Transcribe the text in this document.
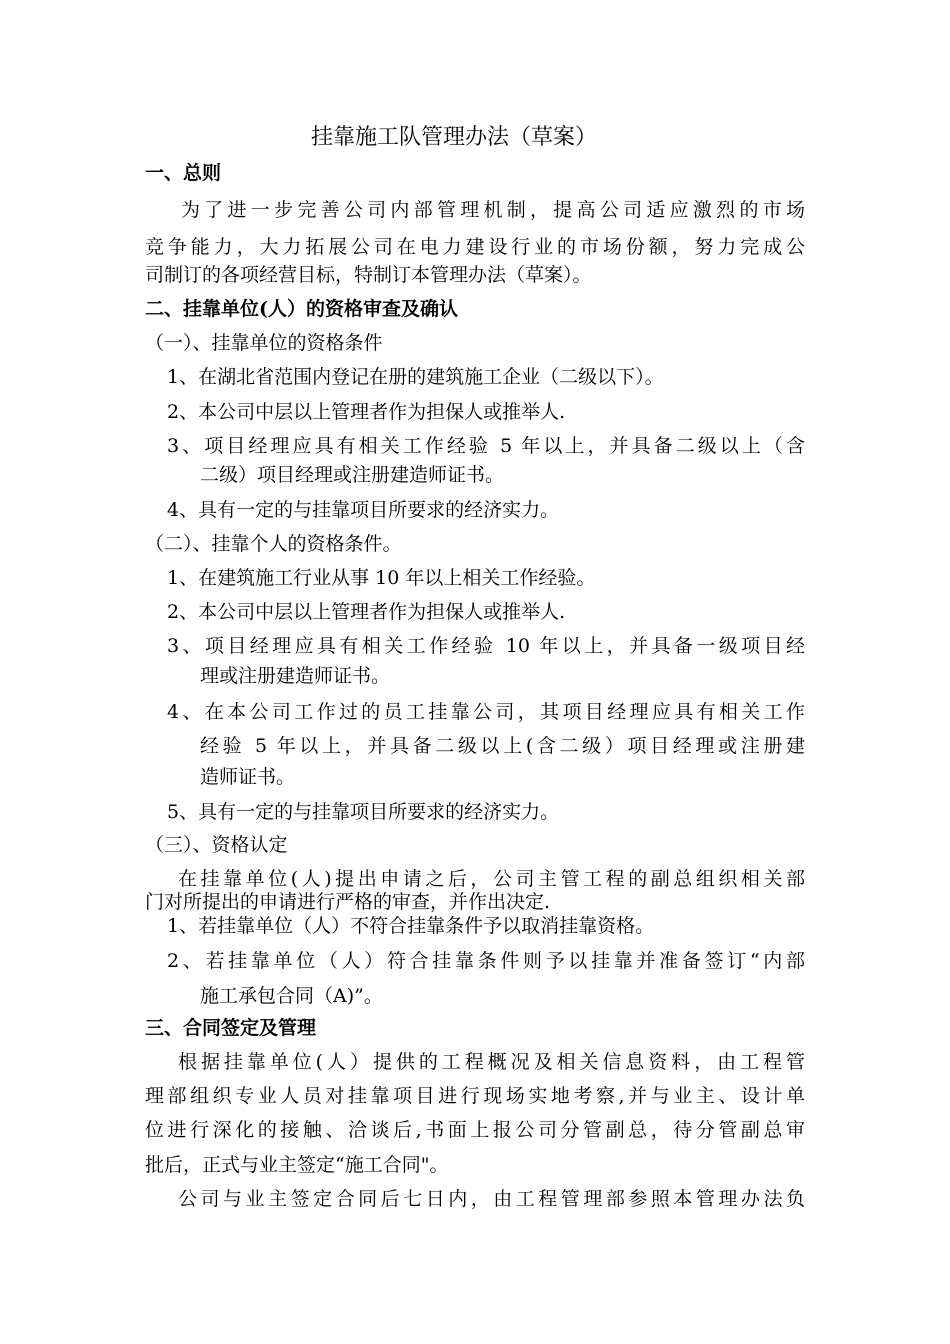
挂靠施工队管理办法（草案）
一、总则
为了进一步完善公司内部管理机制，提高公司适应激烈的市场
竞争能力，大力拓展公司在电力建设行业的市场份额，努力完成公
司制订的各项经营目标，特制订本管理办法（草案）。
二、挂靠单位(人）的资格审查及确认
（一）、挂靠单位的资格条件
1、在湖北省范围内登记在册的建筑施工企业（二级以下）。
2、本公司中层以上管理者作为担保人或推举人.
3、项目经理应具有相关工作经验 5 年以上，并具备二级以上（含
二级）项目经理或注册建造师证书。
4、具有一定的与挂靠项目所要求的经济实力。
（二）、挂靠个人的资格条件。
1、在建筑施工行业从事 10 年以上相关工作经验。
2、本公司中层以上管理者作为担保人或推举人.
3、项目经理应具有相关工作经验 10 年以上，并具备一级项目经
理或注册建造师证书。
4、在本公司工作过的员工挂靠公司，其项目经理应具有相关工作
经验 5 年以上，并具备二级以上(含二级）项目经理或注册建
造师证书。
5、具有一定的与挂靠项目所要求的经济实力。
（三）、资格认定
在挂靠单位(人)提出申请之后，公司主管工程的副总组织相关部
门对所提出的申请进行严格的审查，并作出决定.
1、若挂靠单位（人）不符合挂靠条件予以取消挂靠资格。
2、若挂靠单位（人）符合挂靠条件则予以挂靠并准备签订“内部
施工承包合同（A)”。
三、合同签定及管理
根据挂靠单位(人）提供的工程概况及相关信息资料，由工程管
理部组织专业人员对挂靠项目进行现场实地考察,并与业主、设计单
位进行深化的接触、洽谈后,书面上报公司分管副总，待分管副总审
批后，正式与业主签定“施工合同"。
公司与业主签定合同后七日内，由工程管理部参照本管理办法负
